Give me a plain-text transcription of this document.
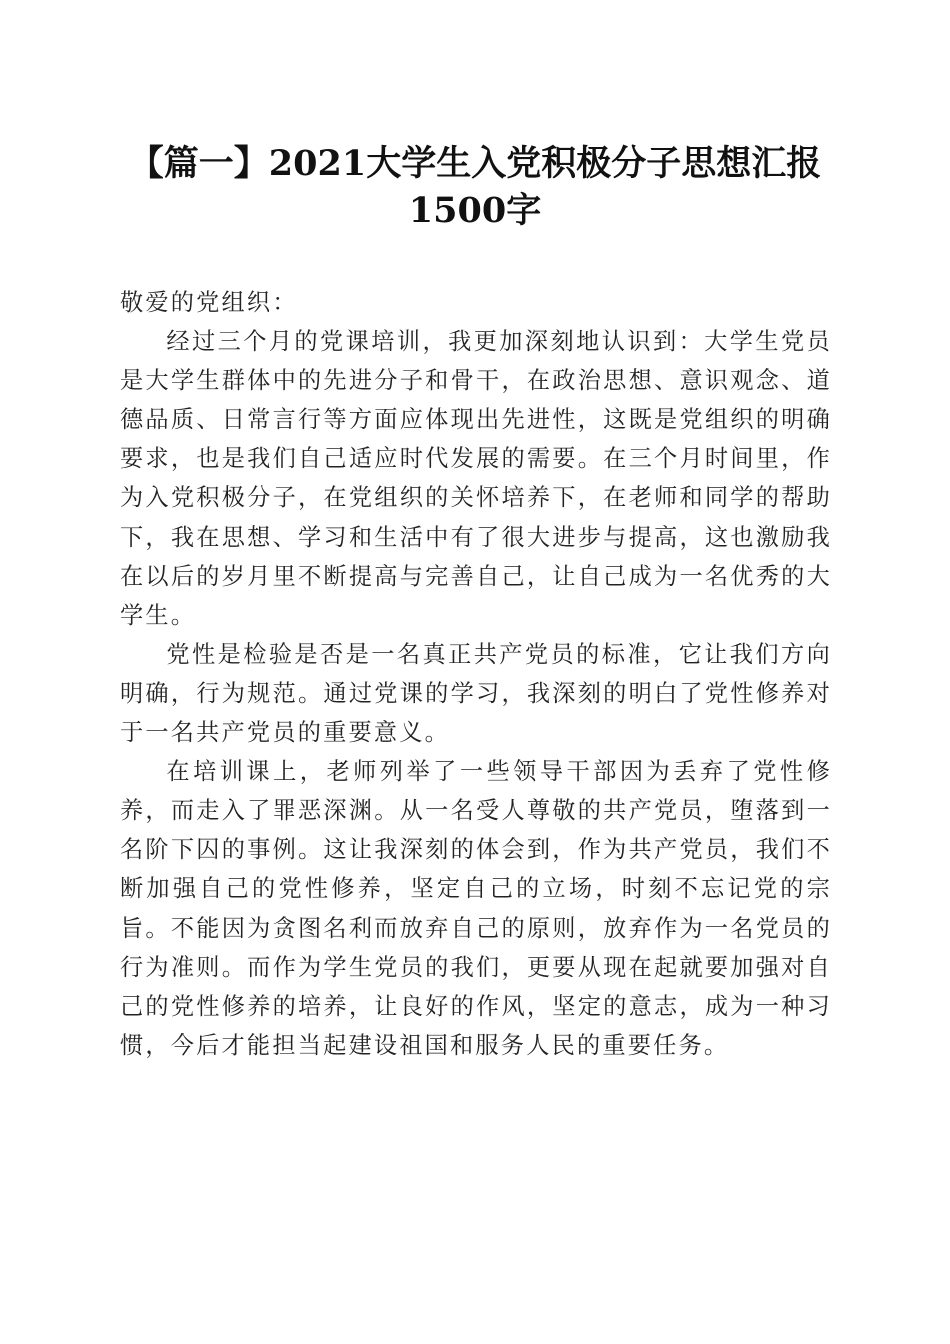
【篇一】2021大学生入党积极分子思想汇报
1500字

敬爱的党组织：

经过三个月的党课培训，我更加深刻地认识到：大学生党员是大学生群体中的先进分子和骨干，在政治思想、意识观念、道德品质、日常言行等方面应体现出先进性，这既是党组织的明确要求，也是我们自己适应时代发展的需要。在三个月时间里，作为入党积极分子，在党组织的关怀培养下，在老师和同学的帮助下，我在思想、学习和生活中有了很大进步与提高，这也激励我在以后的岁月里不断提高与完善自己，让自己成为一名优秀的大学生。

党性是检验是否是一名真正共产党员的标准，它让我们方向明确，行为规范。通过党课的学习，我深刻的明白了党性修养对于一名共产党员的重要意义。

在培训课上，老师列举了一些领导干部因为丢弃了党性修养，而走入了罪恶深渊。从一名受人尊敬的共产党员，堕落到一名阶下囚的事例。这让我深刻的体会到，作为共产党员，我们不断加强自己的党性修养，坚定自己的立场，时刻不忘记党的宗旨。不能因为贪图名利而放弃自己的原则，放弃作为一名党员的行为准则。而作为学生党员的我们，更要从现在起就要加强对自己的党性修养的培养，让良好的作风，坚定的意志，成为一种习惯，今后才能担当起建设祖国和服务人民的重要任务。
